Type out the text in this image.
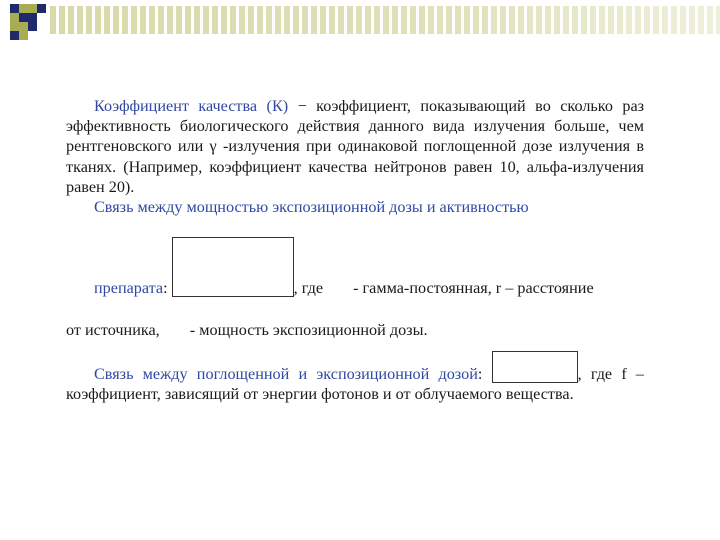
Коэффициент качества (К) − коэффициент, показывающий во сколько раз эффективность биологического действия данного вида излучения больше, чем рентгеновского или γ -излучения при одинаковой поглощенной дозе излучения в тканях. (Например, коэффициент качества нейтронов равен 10, альфа-излучения равен 20).

Связь между мощностью экспозиционной дозы и активностью
препарата:	, где - гамма-постоянная, r – расстояние
от источника, - мощность экспозиционной дозы.

Связь между поглощенной и экспозиционной дозой:	, где f – коэффициент, зависящий от энергии фотонов и от облучаемого вещества.
